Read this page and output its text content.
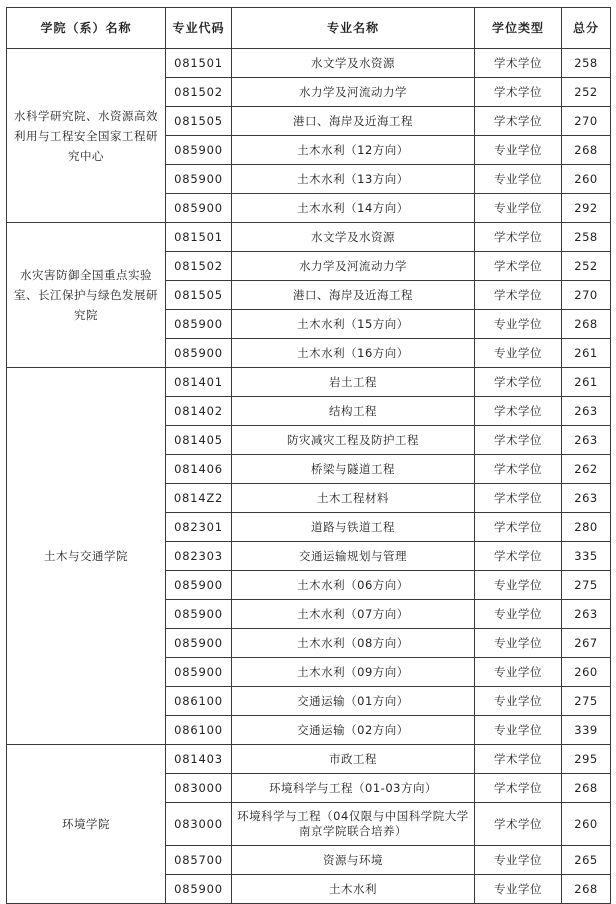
学院（系）名称	专业代码	专业名称	学位类型	总分
水科学研究院、水资源高效利用与工程安全国家工程研究中心	081501	水文学及水资源	学术学位	258
	081502	水力学及河流动力学	学术学位	252
	081505	港口、海岸及近海工程	学术学位	270
	085900	土木水利（12方向）	专业学位	268
	085900	土木水利（13方向）	专业学位	260
	085900	土木水利（14方向）	专业学位	292
水灾害防御全国重点实验室、长江保护与绿色发展研究院	081501	水文学及水资源	学术学位	258
	081502	水力学及河流动力学	学术学位	252
	081505	港口、海岸及近海工程	学术学位	270
	085900	土木水利（15方向）	专业学位	268
	085900	土木水利（16方向）	专业学位	261
土木与交通学院	081401	岩土工程	学术学位	261
	081402	结构工程	学术学位	263
	081405	防灾减灾工程及防护工程	学术学位	263
	081406	桥梁与隧道工程	学术学位	262
	0814Z2	土木工程材料	学术学位	263
	082301	道路与铁道工程	学术学位	280
	082303	交通运输规划与管理	学术学位	335
	085900	土木水利（06方向）	专业学位	275
	085900	土木水利（07方向）	专业学位	263
	085900	土木水利（08方向）	专业学位	267
	085900	土木水利（09方向）	专业学位	260
	086100	交通运输（01方向）	专业学位	275
	086100	交通运输（02方向）	专业学位	339
环境学院	081403	市政工程	学术学位	295
	083000	环境科学与工程（01-03方向）	学术学位	268
	083000	环境科学与工程（04仅限与中国科学院大学南京学院联合培养）	学术学位	260
	085700	资源与环境	专业学位	265
	085900	土木水利	专业学位	268
